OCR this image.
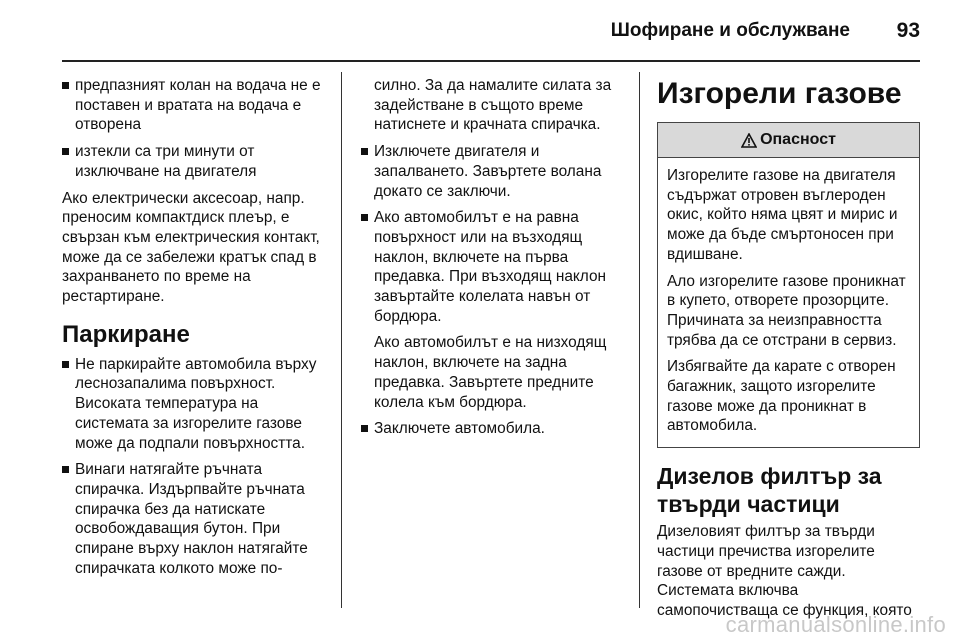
Шофиране и обслужване 93
предпазният колан на водача не е поставен и вратата на водача е отворена
изтекли са три минути от изключване на двигателя

Ако електрически аксесоар, напр. преносим компактдиск плеър, е свързан към електрическия контакт, може да се забележи кратък спад в захранването по време на рестартиране.

Паркиране
Не паркирайте автомобила върху леснозапалима повърхност. Високата температура на системата за изгорелите газове може да подпали повърхността.
Винаги натягайте ръчната спирачка. Издърпвайте ръчната спирачка без да натискате освобождаващия бутон. При спиране върху наклон натягайте спирачката колкото може по-
силно. За да намалите силата за задействане в същото време натиснете и крачната спирачка.
Изключете двигателя и запалването. Завъртете волана докато се заключи.
Ако автомобилът е на равна повърхност или на възходящ наклон, включете на първа предавка. При възходящ наклон завъртайте колелата навън от бордюра.
Ако автомобилът е на низходящ наклон, включете на задна предавка. Завъртете предните колела към бордюра.
Заключете автомобила.
Изгорели газове
Опасност

Изгорелите газове на двигателя съдържат отровен въглероден окис, който няма цвят и мирис и може да бъде смъртоносен при вдишване.

Ало изгорелите газове проникнат в купето, отворете прозорците. Причината за неизправността трябва да се отстрани в сервиз.

Избягвайте да карате с отворен багажник, защото изгорелите газове може да проникнат в автомобила.

Дизелов филтър за твърди частици

Дизеловият филтър за твърди частици пречиства изгорелите газове от вредните сажди. Системата включва самопочистваща се функция, която

carmanualsonline.info
